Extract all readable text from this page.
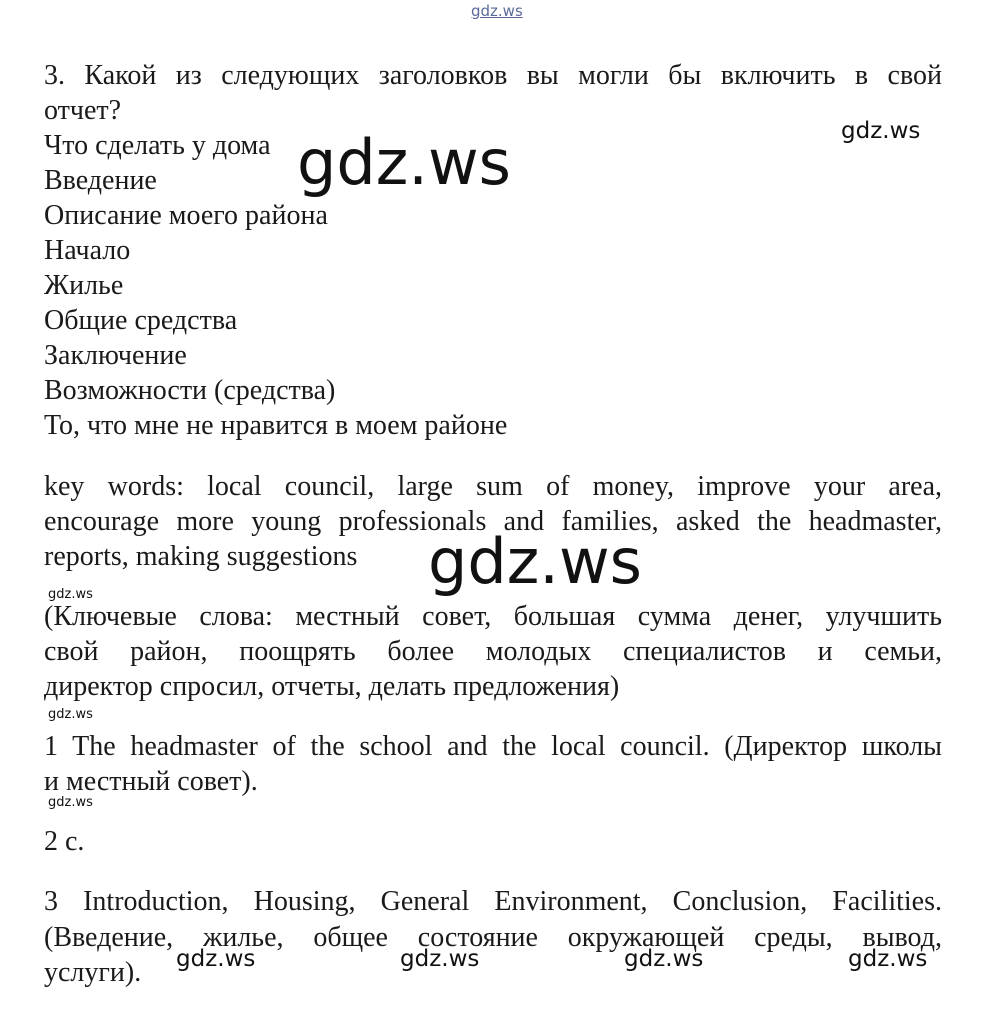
gdz.ws
3. Какой из следующих заголовков вы могли бы включить в свой
отчет?
Что сделать у дома
Введение
Описание моего района
Начало
Жилье
Общие средства
Заключение
Возможности (средства)
То, что мне не нравится в моем районе
key words: local council, large sum of money, improve your area,
encourage more young professionals and families, asked the headmaster,
reports, making suggestions
(Ключевые слова: местный совет, большая сумма денег, улучшить
свой район, поощрять более молодых специалистов и семьи,
директор спросил, отчеты, делать предложения)
1 The headmaster of the school and the local council. (Директор школы
и местный совет).
2 c.
3 Introduction, Housing, General Environment, Conclusion, Facilities.
(Введение, жилье, общее состояние окружающей среды, вывод,
услуги).
gdz.ws
gdz.ws
gdz.ws
gdz.ws
gdz.ws
gdz.ws
gdz.ws	gdz.ws	gdz.ws	gdz.ws
